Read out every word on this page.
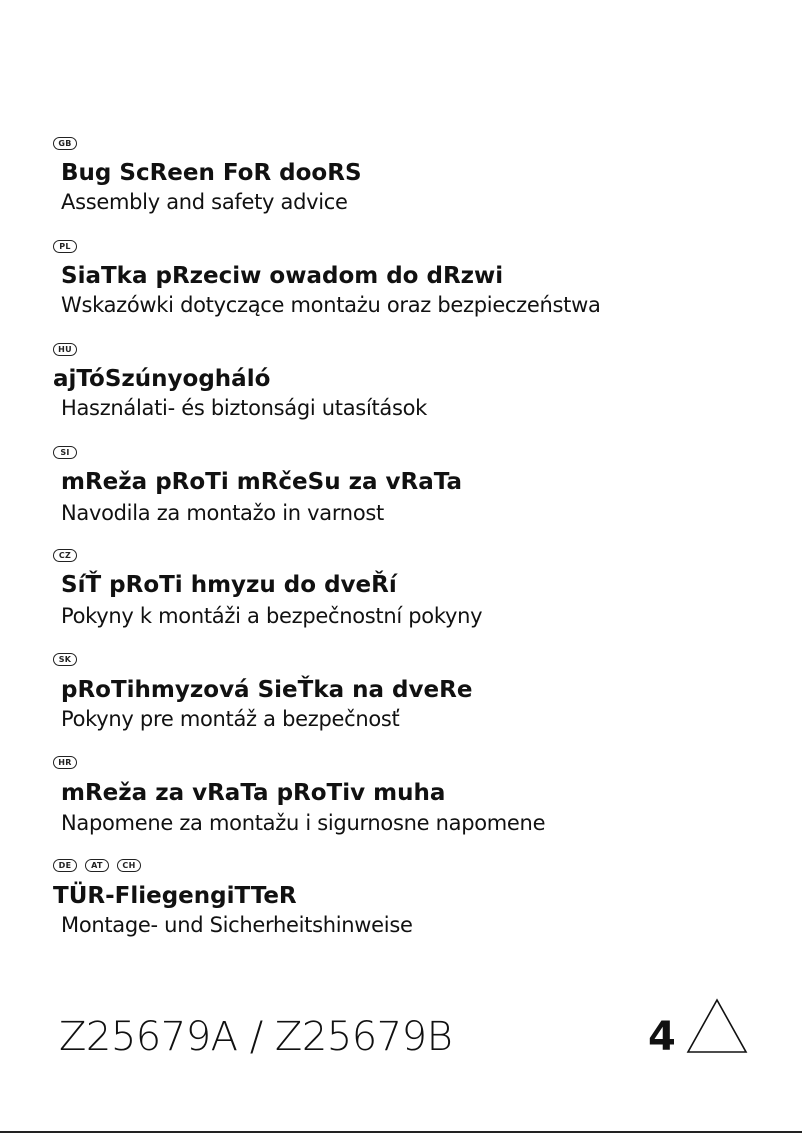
GB
Bug ScReen FoR dooRS
Assembly and safety advice
PL
SiaTka pRzeciw owadom do dRzwi
Wskazówki dotyczące montażu oraz bezpieczeństwa
HU
ajTóSzúnyogháló
Használati- és biztonsági utasítások
SI
mReža pRoTi mRčeSu za vRaTa
Navodila za montažo in varnost
CZ
SíŤ pRoTi hmyzu do dveŘí
Pokyny k montáži a bezpečnostní pokyny
SK
pRoTihmyzová SieŤka na dveRe
Pokyny pre montáž a bezpečnosť
HR
mReža za vRaTa pRoTiv muha
Napomene za montažu i sigurnosne napomene
DE	AT	CH
TÜR-FliegengiTTeR
Montage- und Sicherheitshinweise
Z25679A / Z25679B	4
